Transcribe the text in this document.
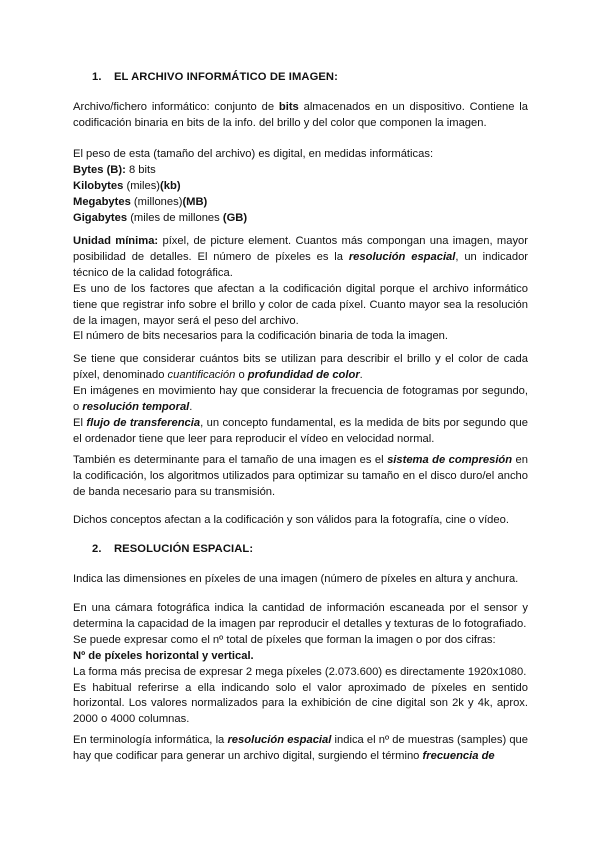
1. EL ARCHIVO INFORMÁTICO DE IMAGEN:

Archivo/fichero informático: conjunto de bits almacenados en un dispositivo. Contiene la codificación binaria en bits de la info. del brillo y del color que componen la imagen.

El peso de esta (tamaño del archivo) es digital, en medidas informáticas:
Bytes (B): 8 bits
Kilobytes (miles)(kb)
Megabytes (millones)(MB)
Gigabytes (miles de millones (GB)
Unidad mínima: píxel, de picture element. Cuantos más compongan una imagen, mayor posibilidad de detalles. El número de píxeles es la resolución espacial, un indicador técnico de la calidad fotográfica.
Es uno de los factores que afectan a la codificación digital porque el archivo informático tiene que registrar info sobre el brillo y color de cada píxel. Cuanto mayor sea la resolución de la imagen, mayor será el peso del archivo.
El número de bits necesarios para la codificación binaria de toda la imagen.
Se tiene que considerar cuántos bits se utilizan para describir el brillo y el color de cada píxel, denominado cuantificación o profundidad de color.
En imágenes en movimiento hay que considerar la frecuencia de fotogramas por segundo, o resolución temporal.
El flujo de transferencia, un concepto fundamental, es la medida de bits por segundo que el ordenador tiene que leer para reproducir el vídeo en velocidad normal.

También es determinante para el tamaño de una imagen es el sistema de compresión en la codificación, los algoritmos utilizados para optimizar su tamaño en el disco duro/el ancho de banda necesario para su transmisión.

Dichos conceptos afectan a la codificación y son válidos para la fotografía, cine o vídeo.

2. RESOLUCIÓN ESPACIAL:

Indica las dimensiones en píxeles de una imagen (número de píxeles en altura y anchura.

En una cámara fotográfica indica la cantidad de información escaneada por el sensor y determina la capacidad de la imagen par reproducir el detalles y texturas de lo fotografiado.
Se puede expresar como el nº total de píxeles que forman la imagen o por dos cifras:
Nº de píxeles horizontal y vertical.
La forma más precisa de expresar 2 mega píxeles (2.073.600) es directamente 1920x1080.
Es habitual referirse a ella indicando solo el valor aproximado de píxeles en sentido horizontal. Los valores normalizados para la exhibición de cine digital son 2k y 4k, aprox. 2000 o 4000 columnas.

En terminología informática, la resolución espacial indica el nº de muestras (samples) que hay que codificar para generar un archivo digital, surgiendo el término frecuencia de
